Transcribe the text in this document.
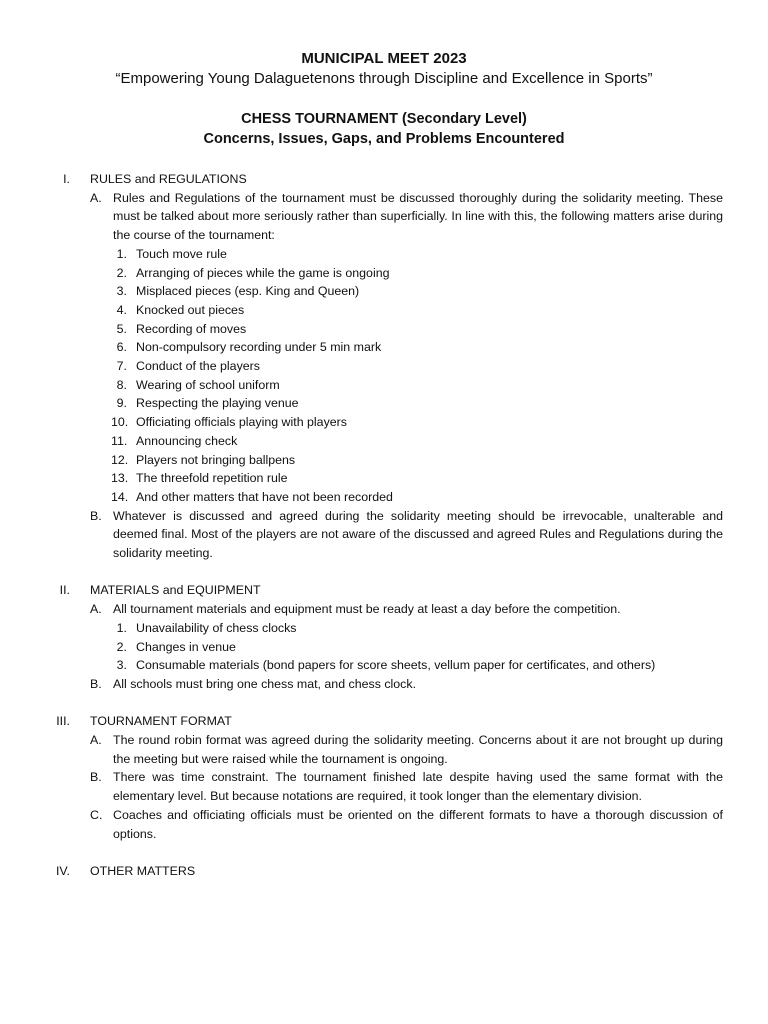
MUNICIPAL MEET 2023
“Empowering Young Dalaguetenons through Discipline and Excellence in Sports”
CHESS TOURNAMENT (Secondary Level)
Concerns, Issues, Gaps, and Problems Encountered
I. RULES and REGULATIONS
A. Rules and Regulations of the tournament must be discussed thoroughly during the solidarity meeting. These must be talked about more seriously rather than superficially. In line with this, the following matters arise during the course of the tournament:
1. Touch move rule
2. Arranging of pieces while the game is ongoing
3. Misplaced pieces (esp. King and Queen)
4. Knocked out pieces
5. Recording of moves
6. Non-compulsory recording under 5 min mark
7. Conduct of the players
8. Wearing of school uniform
9. Respecting the playing venue
10. Officiating officials playing with players
11. Announcing check
12. Players not bringing ballpens
13. The threefold repetition rule
14. And other matters that have not been recorded
B. Whatever is discussed and agreed during the solidarity meeting should be irrevocable, unalterable and deemed final. Most of the players are not aware of the discussed and agreed Rules and Regulations during the solidarity meeting.
II. MATERIALS and EQUIPMENT
A. All tournament materials and equipment must be ready at least a day before the competition.
1. Unavailability of chess clocks
2. Changes in venue
3. Consumable materials (bond papers for score sheets, vellum paper for certificates, and others)
B. All schools must bring one chess mat, and chess clock.
III. TOURNAMENT FORMAT
A. The round robin format was agreed during the solidarity meeting. Concerns about it are not brought up during the meeting but were raised while the tournament is ongoing.
B. There was time constraint. The tournament finished late despite having used the same format with the elementary level. But because notations are required, it took longer than the elementary division.
C. Coaches and officiating officials must be oriented on the different formats to have a thorough discussion of options.
IV. OTHER MATTERS
